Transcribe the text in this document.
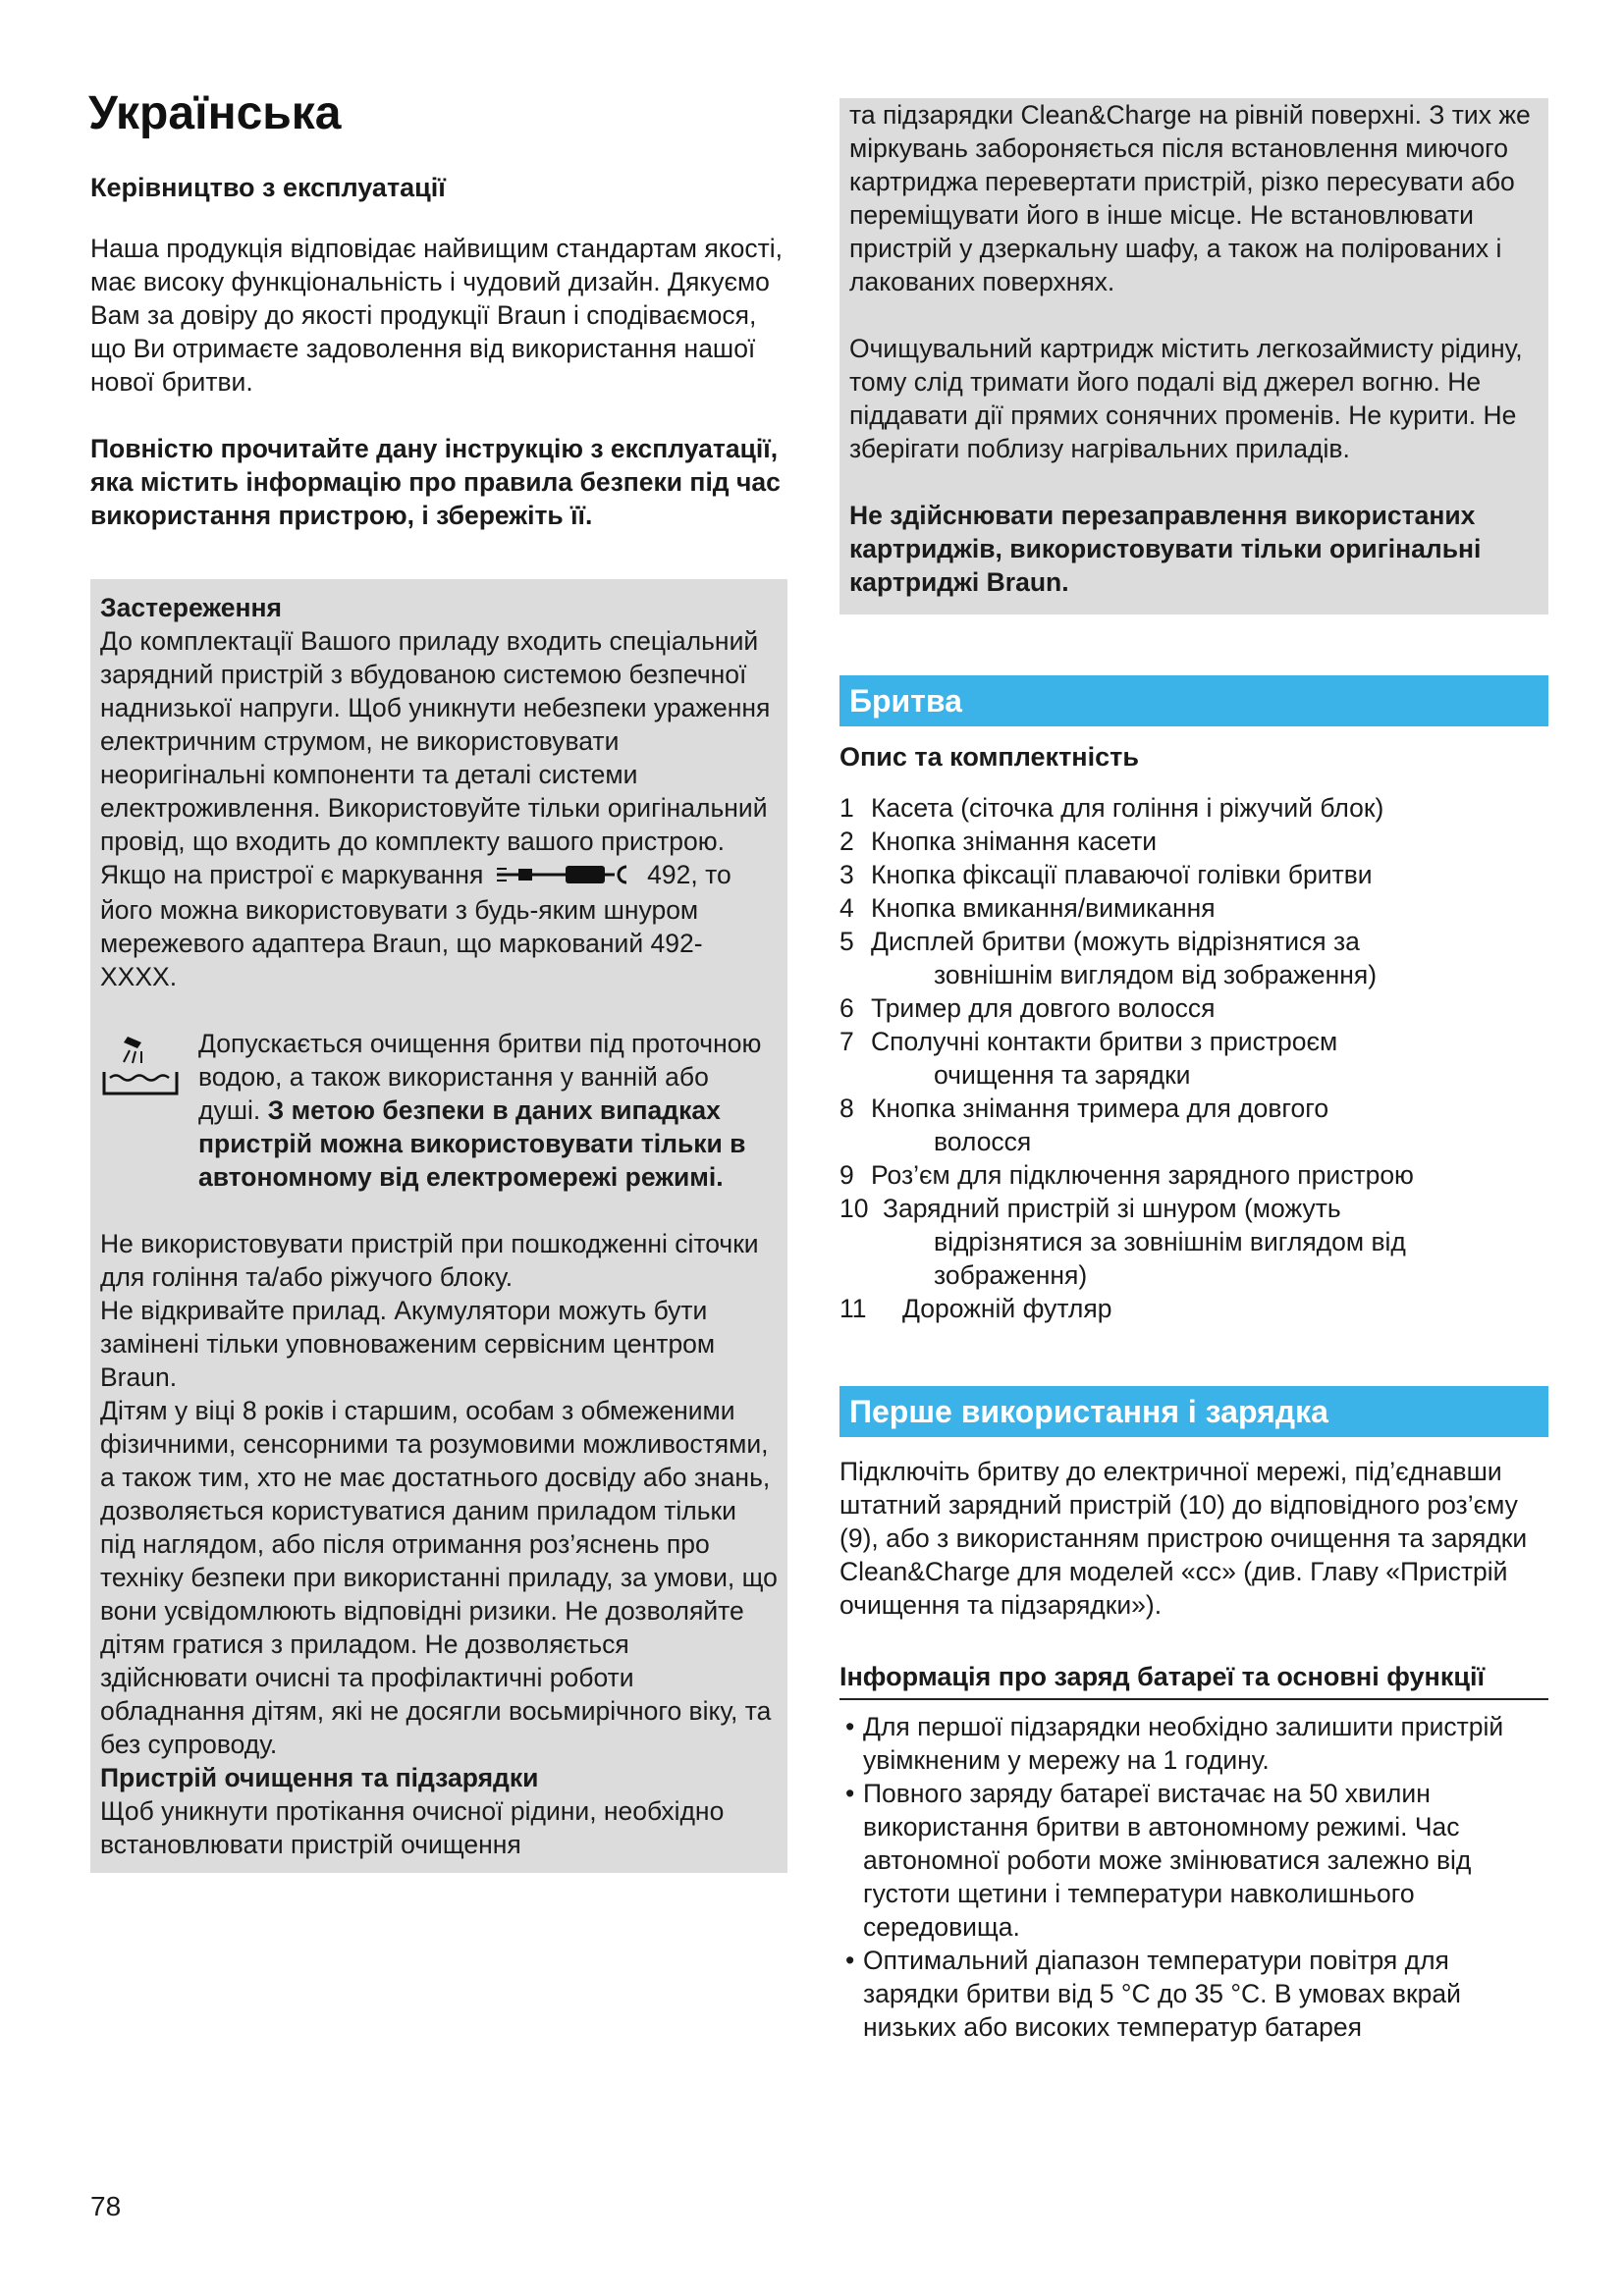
Українська

Керівництво з експлуатації

Наша продукція відповідає найвищим стандартам якості, має високу функціональність і чудовий дизайн. Дякуємо Вам за довіру до якості продукції Braun і сподіваємося, що Ви отримаєте задоволення від використання нашої нової бритви.

Повністю прочитайте дану інструкцію з експлуатації, яка містить інформацію про правила безпеки під час використання пристрою, і збережіть її.

Застереження

До комплектації Вашого приладу входить спеціальний зарядний пристрій з вбудованою системою безпечної наднизької напруги. Щоб уникнути небезпеки ураження електричним струмом, не використовувати неоригінальні компоненти та деталі системи електроживлення. Використовуйте тільки оригінальний провід, що входить до комплекту вашого пристрою.

Якщо на пристрої є маркування	492, то його можна використовувати з будь-яким шнуром мережевого адаптера Braun, що маркований 492-XXXX.

Допускається очищення бритви під проточною водою, а також використання у ванній або душі. З метою безпеки в даних випадках пристрій можна використовувати тільки в автономному від електромережі режимі.

Не використовувати пристрій при пошкодженні сіточки для гоління та/або ріжучого блоку.

Не відкривайте прилад. Акумулятори можуть бути замінені тільки уповноваженим сервісним центром Braun.

Дітям у віці 8 років і старшим, особам з обмеженими фізичними, сенсорними та розумовими можливостями, а також тим, хто не має достатнього досвіду або знань, дозволяється користуватися даним приладом тільки під наглядом, або після отримання роз’яснень про техніку безпеки при використанні приладу, за умови, що вони усвідомлюють відповідні ризики. Не дозволяйте дітям гратися з приладом. Не дозволяється здійснювати очисні та профілактичні роботи обладнання дітям, які не досягли восьмирічного віку, та без супроводу.

Пристрій очищення та підзарядки

Щоб уникнути протікання очисної рідини, необхідно встановлювати пристрій очищення

та підзарядки Clean&Charge на рівній поверхні. З тих же міркувань забороняється після встановлення миючого картриджа перевертати пристрій, різко пересувати або переміщувати його в інше місце. Не встановлювати пристрій у дзеркальну шафу, а також на полірованих і лакованих поверхнях.

Очищувальний картридж містить легкозаймисту рідину, тому слід тримати його подалі від джерел вогню. Не піддавати дії прямих сонячних променів. Не курити. Не зберігати поблизу нагрівальних приладів.

Не здійснювати перезаправлення використаних картриджів, використовувати тільки оригінальні картриджі Braun.

Бритва

Опис та комплектність

1 Касета (сіточка для гоління і ріжучий блок)
2 Кнопка знімання касети
3 Кнопка фіксації плаваючої голівки бритви
4 Кнопка вмикання/вимикання
5 Дисплей бритви (можуть відрізнятися за
зовнішнім виглядом від зображення)
6 Тример для довгого волосся
7 Сполучні контакти бритви з пристроєм
очищення та зарядки
8 Кнопка знімання тримера для довгого
волосся
9 Роз’єм для підключення зарядного пристрою
10 Зарядний пристрій зі шнуром (можуть
відрізнятися за зовнішнім виглядом від зображення)
11	Дорожній футляр
Перше використання і зарядка

Підключіть бритву до електричної мережі, під’єднавши штатний зарядний пристрій (10) до відповідного роз’єму (9), або з використанням пристрою очищення та зарядки Clean&Charge для моделей «cc» (див. Главу «Пристрій очищення та підзарядки»).

Інформація про заряд батареї та основні функції

• Для першої підзарядки необхідно залишити пристрій увімкненим у мережу на 1 годину.
• Повного заряду батареї вистачає на 50 хвилин використання бритви в автономному режимі. Час автономної роботи може змінюватися залежно від густоти щетини і температури навколишнього середовища.
• Оптимальний діапазон температури повітря для зарядки бритви від 5 °C до 35 °C. В умовах вкрай низьких або високих температур батарея
78
